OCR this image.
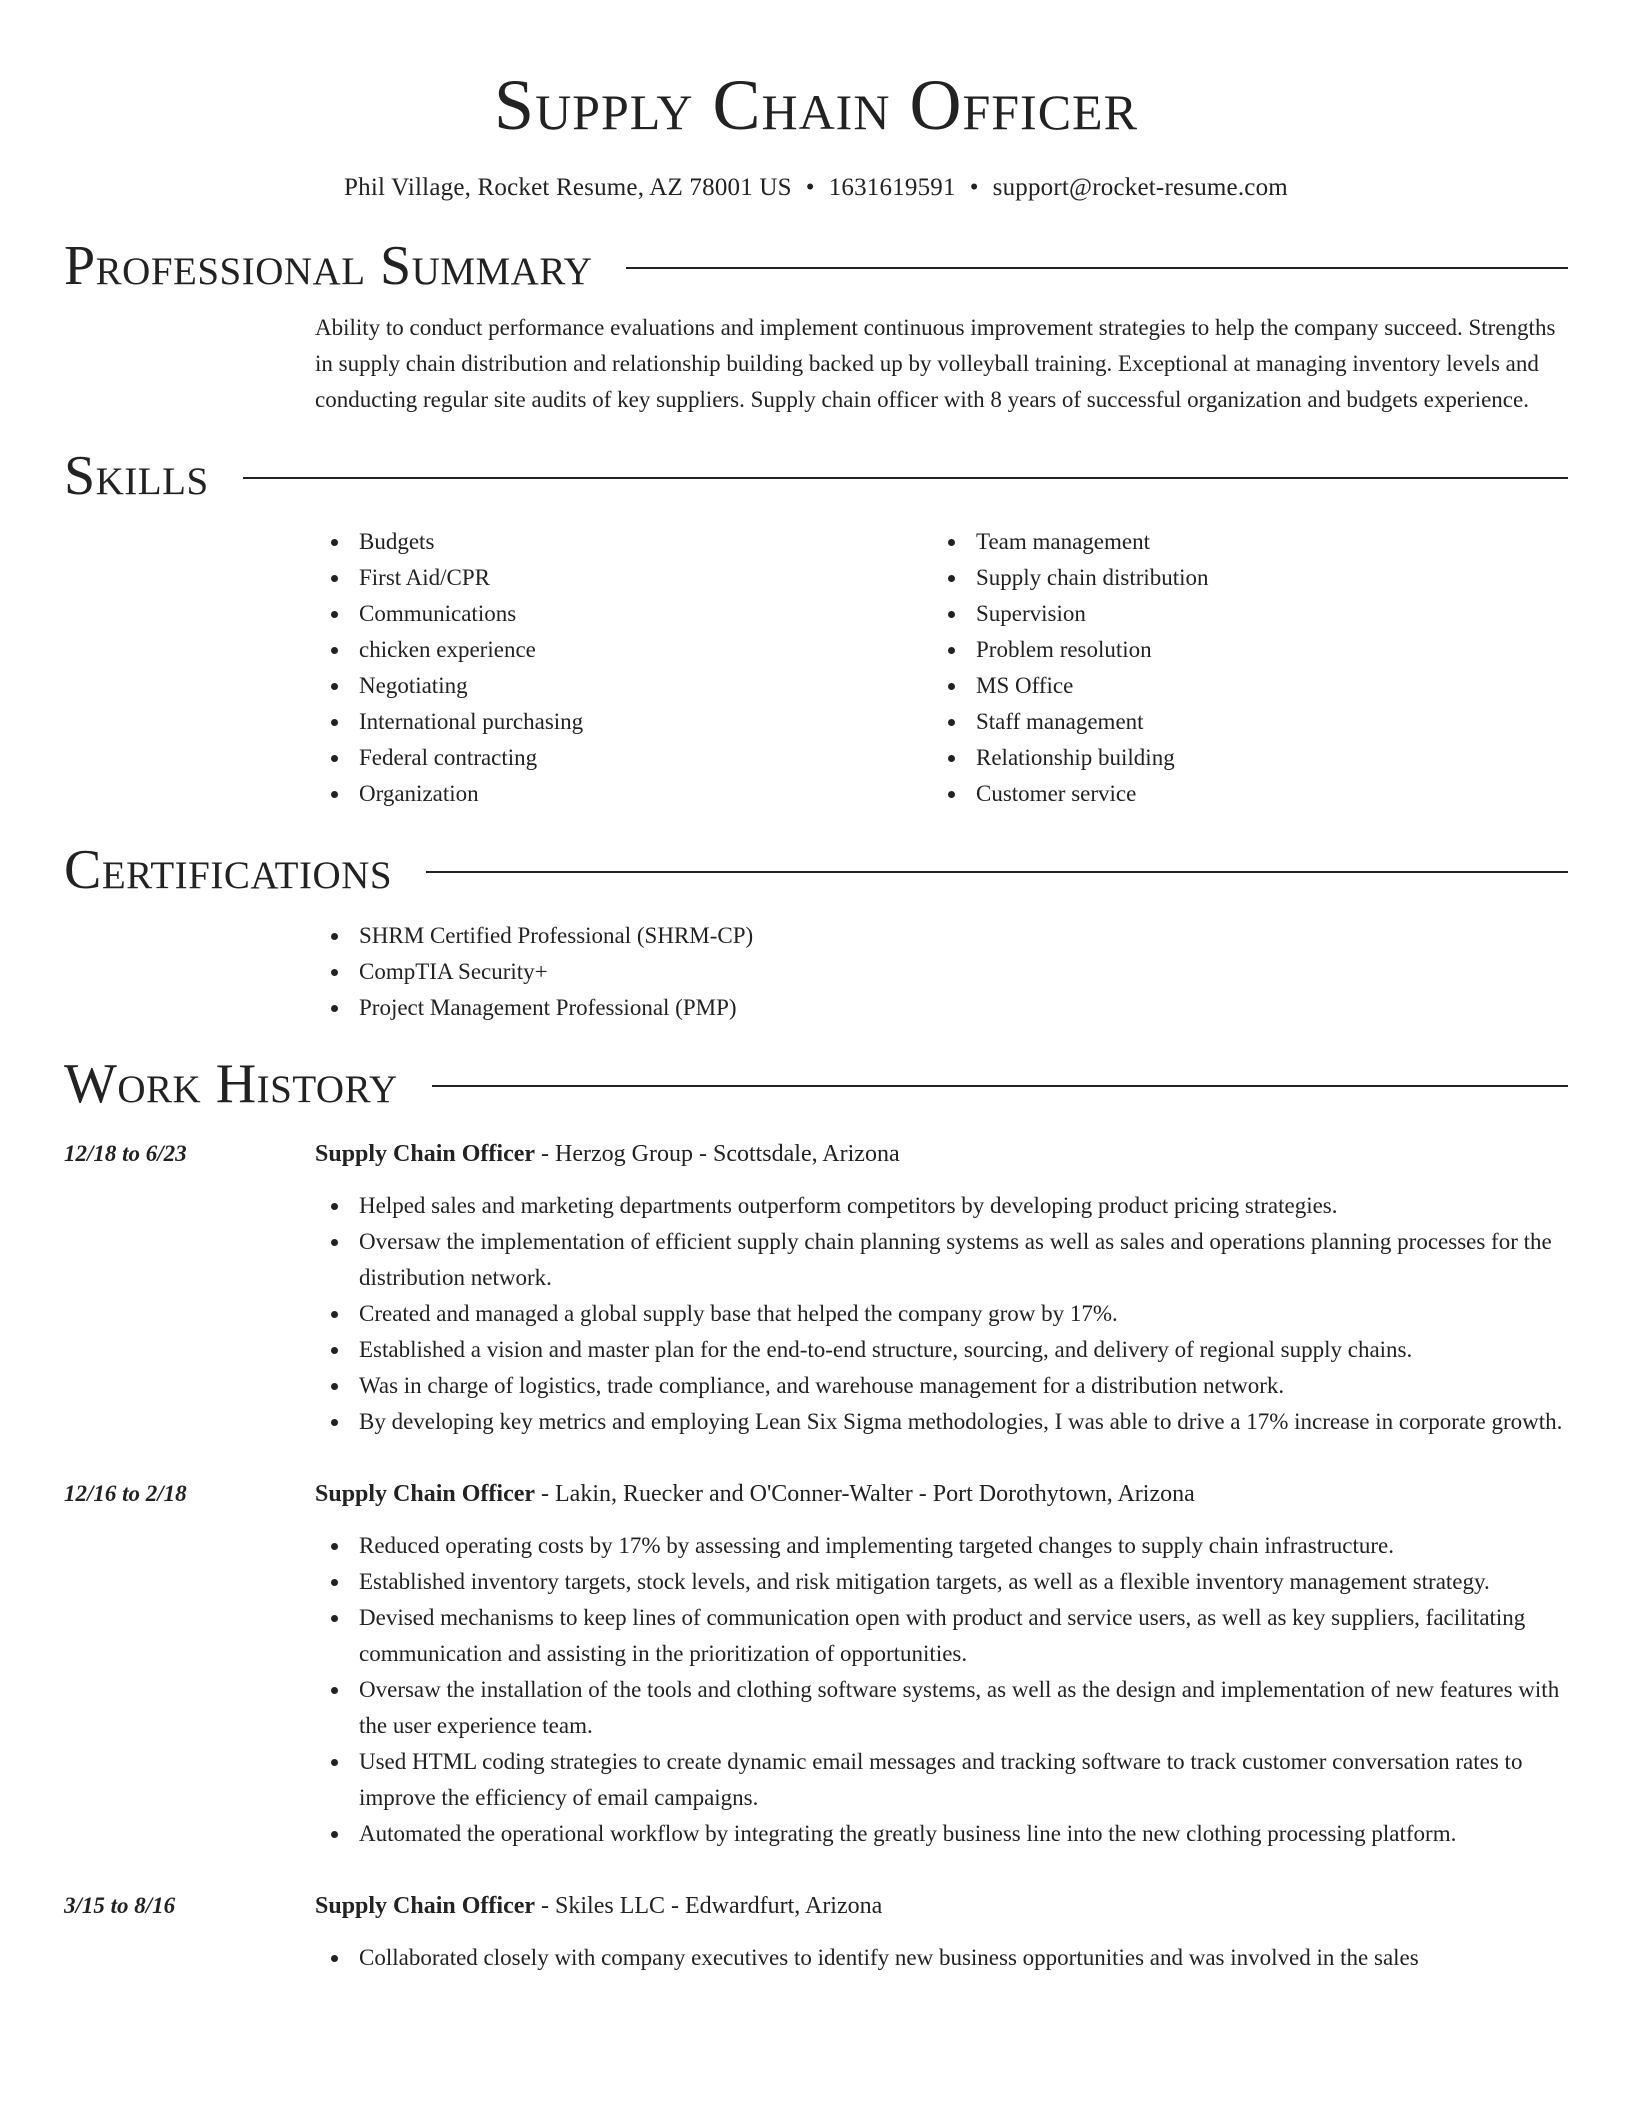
Supply Chain Officer
Phil Village, Rocket Resume, AZ 78001 US • 1631619591 • support@rocket-resume.com
Professional Summary
Ability to conduct performance evaluations and implement continuous improvement strategies to help the company succeed. Strengths in supply chain distribution and relationship building backed up by volleyball training. Exceptional at managing inventory levels and conducting regular site audits of key suppliers. Supply chain officer with 8 years of successful organization and budgets experience.
Skills
Budgets
First Aid/CPR
Communications
chicken experience
Negotiating
International purchasing
Federal contracting
Organization
Team management
Supply chain distribution
Supervision
Problem resolution
MS Office
Staff management
Relationship building
Customer service
Certifications
SHRM Certified Professional (SHRM-CP)
CompTIA Security+
Project Management Professional (PMP)
Work History
12/18 to 6/23	Supply Chain Officer - Herzog Group - Scottsdale, Arizona
Helped sales and marketing departments outperform competitors by developing product pricing strategies.
Oversaw the implementation of efficient supply chain planning systems as well as sales and operations planning processes for the distribution network.
Created and managed a global supply base that helped the company grow by 17%.
Established a vision and master plan for the end-to-end structure, sourcing, and delivery of regional supply chains.
Was in charge of logistics, trade compliance, and warehouse management for a distribution network.
By developing key metrics and employing Lean Six Sigma methodologies, I was able to drive a 17% increase in corporate growth.
12/16 to 2/18	Supply Chain Officer - Lakin, Ruecker and O'Conner-Walter - Port Dorothytown, Arizona
Reduced operating costs by 17% by assessing and implementing targeted changes to supply chain infrastructure.
Established inventory targets, stock levels, and risk mitigation targets, as well as a flexible inventory management strategy.
Devised mechanisms to keep lines of communication open with product and service users, as well as key suppliers, facilitating communication and assisting in the prioritization of opportunities.
Oversaw the installation of the tools and clothing software systems, as well as the design and implementation of new features with the user experience team.
Used HTML coding strategies to create dynamic email messages and tracking software to track customer conversation rates to improve the efficiency of email campaigns.
Automated the operational workflow by integrating the greatly business line into the new clothing processing platform.
3/15 to 8/16	Supply Chain Officer - Skiles LLC - Edwardfurt, Arizona
Collaborated closely with company executives to identify new business opportunities and was involved in the sales
